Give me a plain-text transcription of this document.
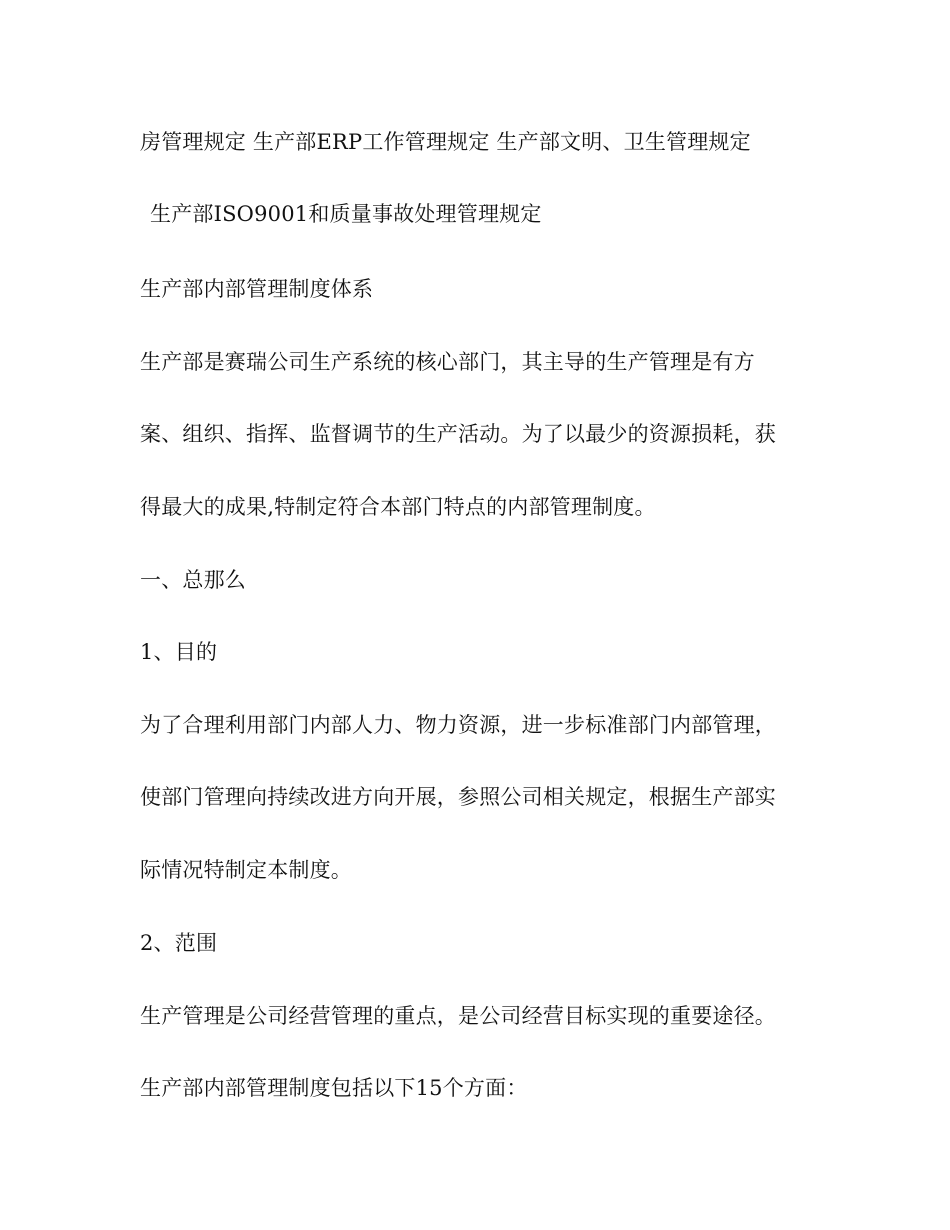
房管理规定 生产部ERP工作管理规定 生产部文明、卫生管理规定
生产部ISO9001和质量事故处理管理规定
生产部内部管理制度体系
生产部是赛瑞公司生产系统的核心部门，其主导的生产管理是有方
案、组织、指挥、监督调节的生产活动。为了以最少的资源损耗，获
得最大的成果,特制定符合本部门特点的内部管理制度。
一、总那么
1、目的
为了合理利用部门内部人力、物力资源，进一步标准部门内部管理，
使部门管理向持续改进方向开展，参照公司相关规定，根据生产部实
际情况特制定本制度。
2、范围
生产管理是公司经营管理的重点，是公司经营目标实现的重要途径。
生产部内部管理制度包括以下15个方面：
